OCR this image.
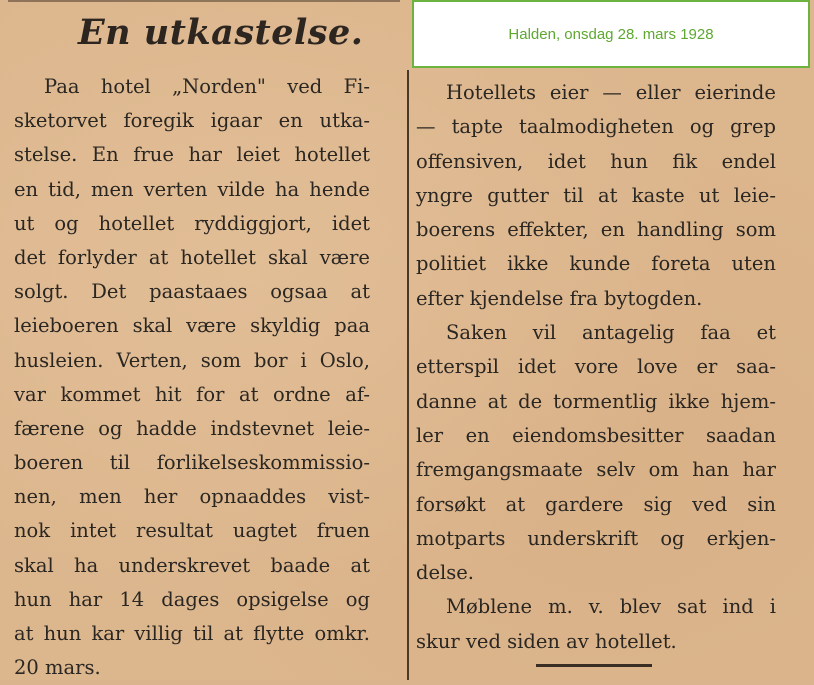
En utkastelse.
Paa hotel „Norden" ved Fi-
sketorvet foregik igaar en utka-
stelse. En frue har leiet hotellet
en tid, men verten vilde ha hende
ut og hotellet ryddiggjort, idet
det forlyder at hotellet skal være
solgt. Det paastaaes ogsaa at
leieboeren skal være skyldig paa
husleien. Verten, som bor i Oslo,
var kommet hit for at ordne af-
færene og hadde indstevnet leie-
boeren til forlikelseskommissio-
nen, men her opnaaddes vist-
nok intet resultat uagtet fruen
skal ha underskrevet baade at
hun har 14 dages opsigelse og
at hun kar villig til at flytte omkr.
20 mars.
Hotellets eier — eller eierinde
— tapte taalmodigheten og grep
offensiven, idet hun fik endel
yngre gutter til at kaste ut leie-
boerens effekter, en handling som
politiet ikke kunde foreta uten
efter kjendelse fra bytogden.
Saken vil antagelig faa et
etterspil idet vore love er saa-
danne at de tormentlig ikke hjem-
ler en eiendomsbesitter saadan
fremgangsmaate selv om han har
forsøkt at gardere sig ved sin
motparts underskrift og erkjen-
delse.
Møblene m. v. blev sat ind i
skur ved siden av hotellet.
Halden, onsdag 28. mars 1928
